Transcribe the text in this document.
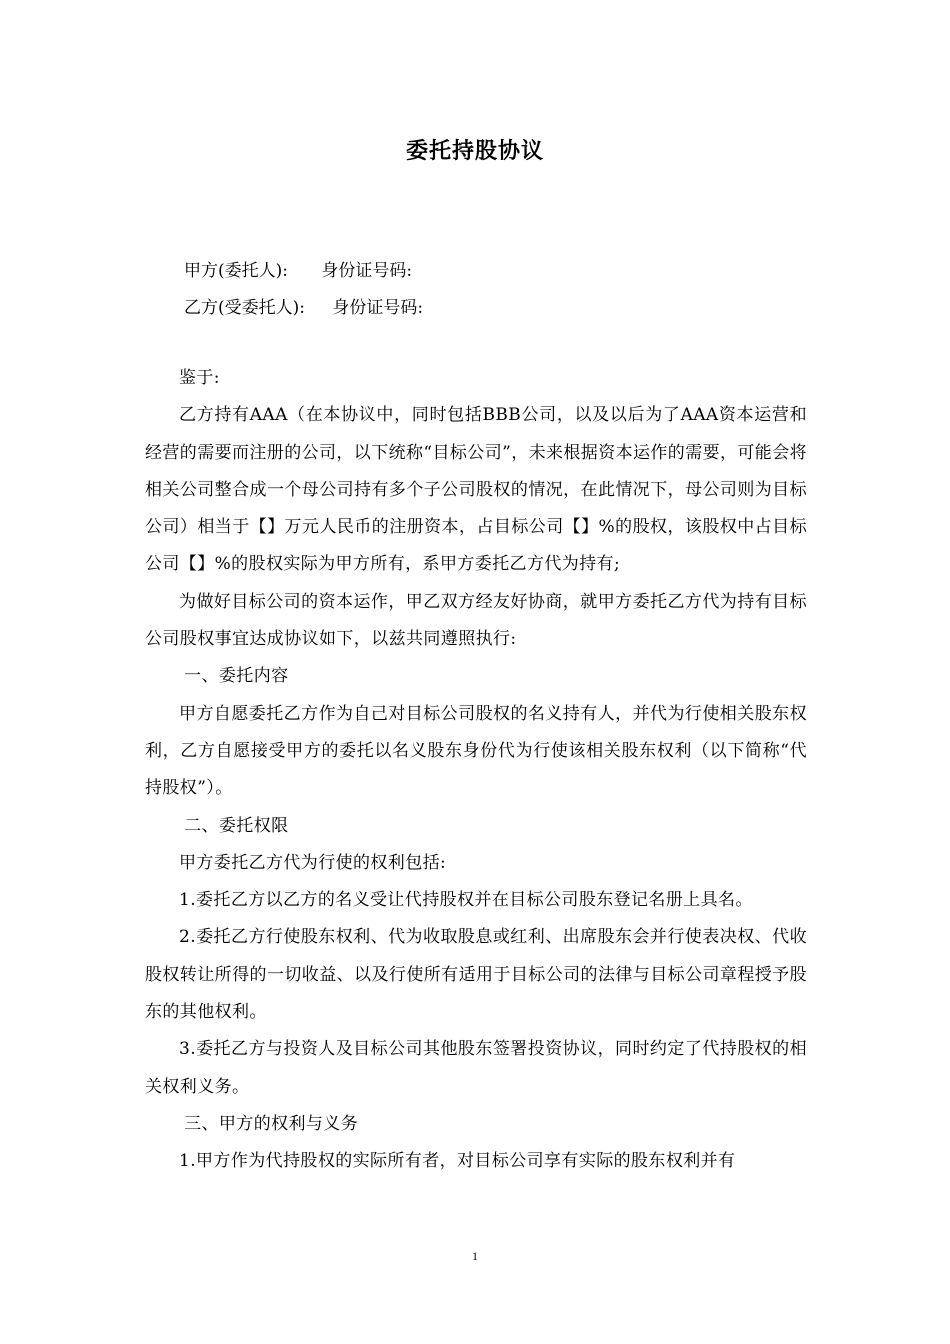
委托持股协议

甲方(委托人): 身份证号码:

乙方(受委托人): 身份证号码:

鉴于:

乙方持有AAA（在本协议中，同时包括BBB公司，以及以后为了AAA资本运营和经营的需要而注册的公司，以下统称“目标公司”，未来根据资本运作的需要，可能会将相关公司整合成一个母公司持有多个子公司股权的情况，在此情况下，母公司则为目标公司）相当于【】万元人民币的注册资本，占目标公司【】%的股权，该股权中占目标公司【】%的股权实际为甲方所有，系甲方委托乙方代为持有;

为做好目标公司的资本运作，甲乙双方经友好协商，就甲方委托乙方代为持有目标公司股权事宜达成协议如下，以兹共同遵照执行:

一、委托内容

甲方自愿委托乙方作为自己对目标公司股权的名义持有人，并代为行使相关股东权利，乙方自愿接受甲方的委托以名义股东身份代为行使该相关股东权利（以下简称“代持股权”）。

二、委托权限

甲方委托乙方代为行使的权利包括:

1.委托乙方以乙方的名义受让代持股权并在目标公司股东登记名册上具名。

2.委托乙方行使股东权利、代为收取股息或红利、出席股东会并行使表决权、代收股权转让所得的一切收益、以及行使所有适用于目标公司的法律与目标公司章程授予股东的其他权利。

3.委托乙方与投资人及目标公司其他股东签署投资协议，同时约定了代持股权的相关权利义务。

三、甲方的权利与义务

1.甲方作为代持股权的实际所有者，对目标公司享有实际的股东权利并有

1
